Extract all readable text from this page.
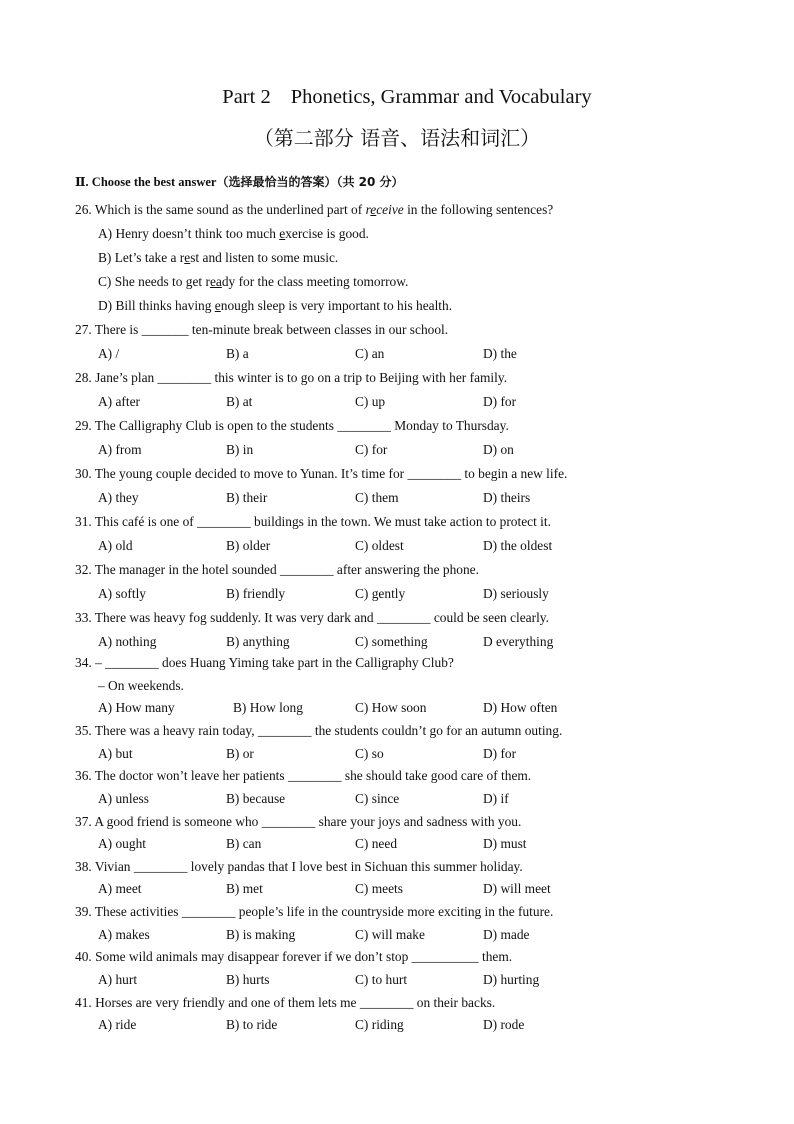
Part 2 Phonetics, Grammar and Vocabulary
（第二部分 语音、语法和词汇）
Ⅱ. Choose the best answer（选择最恰当的答案）（共 20 分）
26. Which is the same sound as the underlined part of receive in the following sentences?
A) Henry doesn’t think too much exercise is good.
B) Let’s take a rest and listen to some music.
C) She needs to get ready for the class meeting tomorrow.
D) Bill thinks having enough sleep is very important to his health.
27. There is _______ ten-minute break between classes in our school.
A) /	B) a	C) an	D) the
28. Jane’s plan ________ this winter is to go on a trip to Beijing with her family.
A) after	B) at	C) up	D) for
29. The Calligraphy Club is open to the students ________ Monday to Thursday.
A) from	B) in	C) for	D) on
30. The young couple decided to move to Yunan. It’s time for ________ to begin a new life.
A) they	B) their	C) them	D) theirs
31. This café is one of ________ buildings in the town. We must take action to protect it.
A) old	B) older	C) oldest	D) the oldest
32. The manager in the hotel sounded ________ after answering the phone.
A) softly	B) friendly	C) gently	D) seriously
33. There was heavy fog suddenly. It was very dark and ________ could be seen clearly.
A) nothing	B) anything	C) something	D everything
34. – ________ does Huang Yiming take part in the Calligraphy Club?
– On weekends.
A) How many	B) How long	C) How soon	D) How often
35. There was a heavy rain today, ________ the students couldn’t go for an autumn outing.
A) but	B) or	C) so	D) for
36. The doctor won’t leave her patients ________ she should take good care of them.
A) unless	B) because	C) since	D) if
37. A good friend is someone who ________ share your joys and sadness with you.
A) ought	B) can	C) need	D) must
38. Vivian ________ lovely pandas that I love best in Sichuan this summer holiday.
A) meet	B) met	C) meets	D) will meet
39. These activities ________ people’s life in the countryside more exciting in the future.
A) makes	B) is making	C) will make	D) made
40. Some wild animals may disappear forever if we don’t stop __________ them.
A) hurt	B) hurts	C) to hurt	D) hurting
41. Horses are very friendly and one of them lets me ________ on their backs.
A) ride	B) to ride	C) riding	D) rode
